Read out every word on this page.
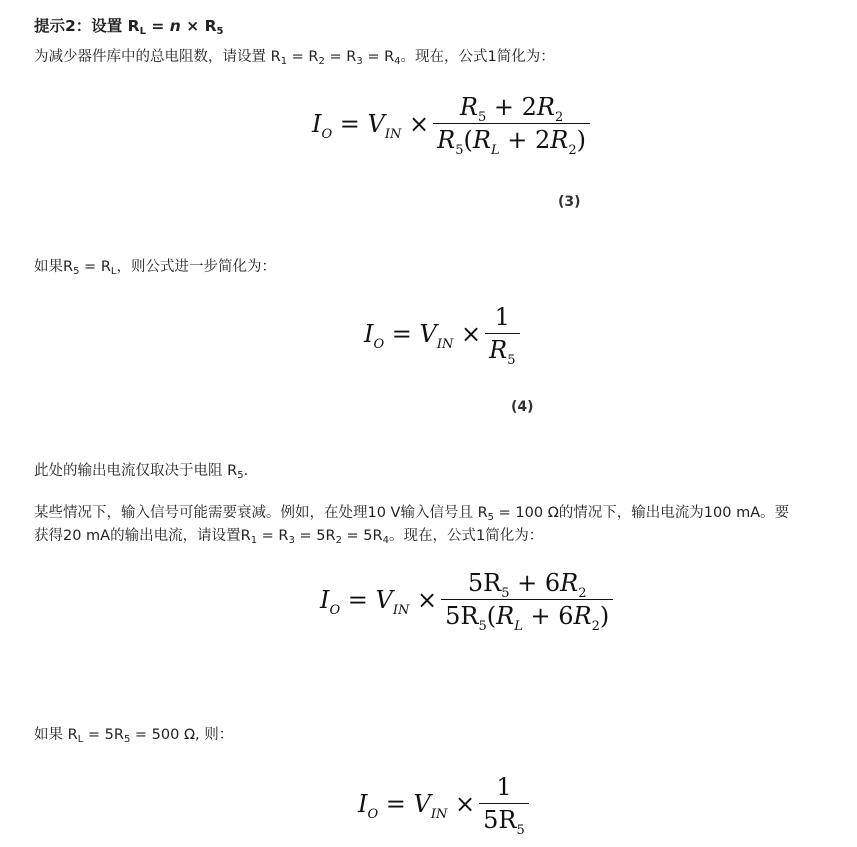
提示2：设置 $R_L = n \times R_5$
为减少器件库中的总电阻数，请设置 $R_1 = R_2 = R_3 = R_4$。现在，公式1简化为：
$I_O = V_{IN} \times \frac{R_5 + 2R_2}{R_5(R_L + 2R_2)}$
(3)
如果$R_5 = R_L$，则公式进一步简化为：
$I_O = V_{IN} \times \frac{1}{R_5}$
(4)
此处的输出电流仅取决于电阻 $R_5$.
某些情况下，输入信号可能需要衰减。例如，在处理10 V输入信号且 $R_5 = 100$ Ω的情况下，输出电流为100 mA。要
获得20 mA的输出电流，请设置$R_1 = R_3 = 5R_2 = 5R_4$。现在，公式1简化为：
$I_O = V_{IN} \times \frac{5R_5 + 6R_2}{5R_5(R_L + 6R_2)}$
如果 $R_L = 5R_5 = 500$ Ω, 则：
$I_O = V_{IN} \times \frac{1}{5R_5}$
